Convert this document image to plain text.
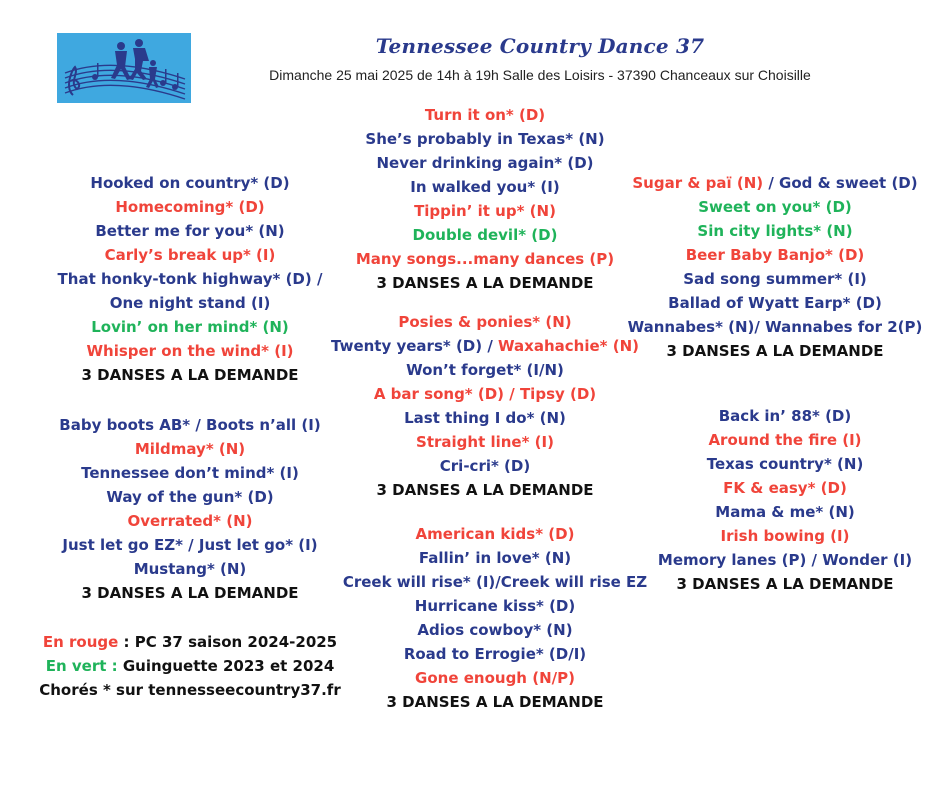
Tennessee Country Dance 37
Dimanche 25 mai 2025 de 14h à 19h Salle des Loisirs - 37390 Chanceaux sur Choisille
Hooked on country* (D)
Homecoming* (D)
Better me for you* (N)
Carly’s break up* (I)
That honky-tonk highway* (D) /
One night stand (I)
Lovin’ on her mind* (N)
Whisper on the wind* (I)
3 DANSES A LA DEMANDE
Baby boots AB* / Boots n’all (I)
Mildmay* (N)
Tennessee don’t mind* (I)
Way of the gun* (D)
Overrated* (N)
Just let go EZ* / Just let go* (I)
Mustang* (N)
3 DANSES A LA DEMANDE
Turn it on* (D)
She’s probably in Texas* (N)
Never drinking again* (D)
In walked you* (I)
Tippin’ it up* (N)
Double devil* (D)
Many songs...many dances (P)
3 DANSES A LA DEMANDE
Posies & ponies* (N)
Twenty years* (D) / Waxahachie* (N)
Won’t forget* (I/N)
A bar song* (D) / Tipsy (D)
Last thing I do* (N)
Straight line* (I)
Cri-cri* (D)
3 DANSES A LA DEMANDE
American kids* (D)
Fallin’ in love* (N)
Creek will rise* (I)/Creek will rise EZ
Hurricane kiss* (D)
Adios cowboy* (N)
Road to Errogie* (D/I)
Gone enough (N/P)
3 DANSES A LA DEMANDE
Sugar & paï (N) / God & sweet (D)
Sweet on you* (D)
Sin city lights* (N)
Beer Baby Banjo* (D)
Sad song summer* (I)
Ballad of Wyatt Earp* (D)
Wannabes* (N)/ Wannabes for 2(P)
3 DANSES A LA DEMANDE
Back in’ 88* (D)
Around the fire (I)
Texas country* (N)
FK & easy* (D)
Mama & me* (N)
Irish bowing (I)
Memory lanes (P) / Wonder (I)
3 DANSES A LA DEMANDE
En rouge : PC 37 saison 2024-2025
En vert : Guinguette 2023 et 2024
Chorés * sur tennesseecountry37.fr
